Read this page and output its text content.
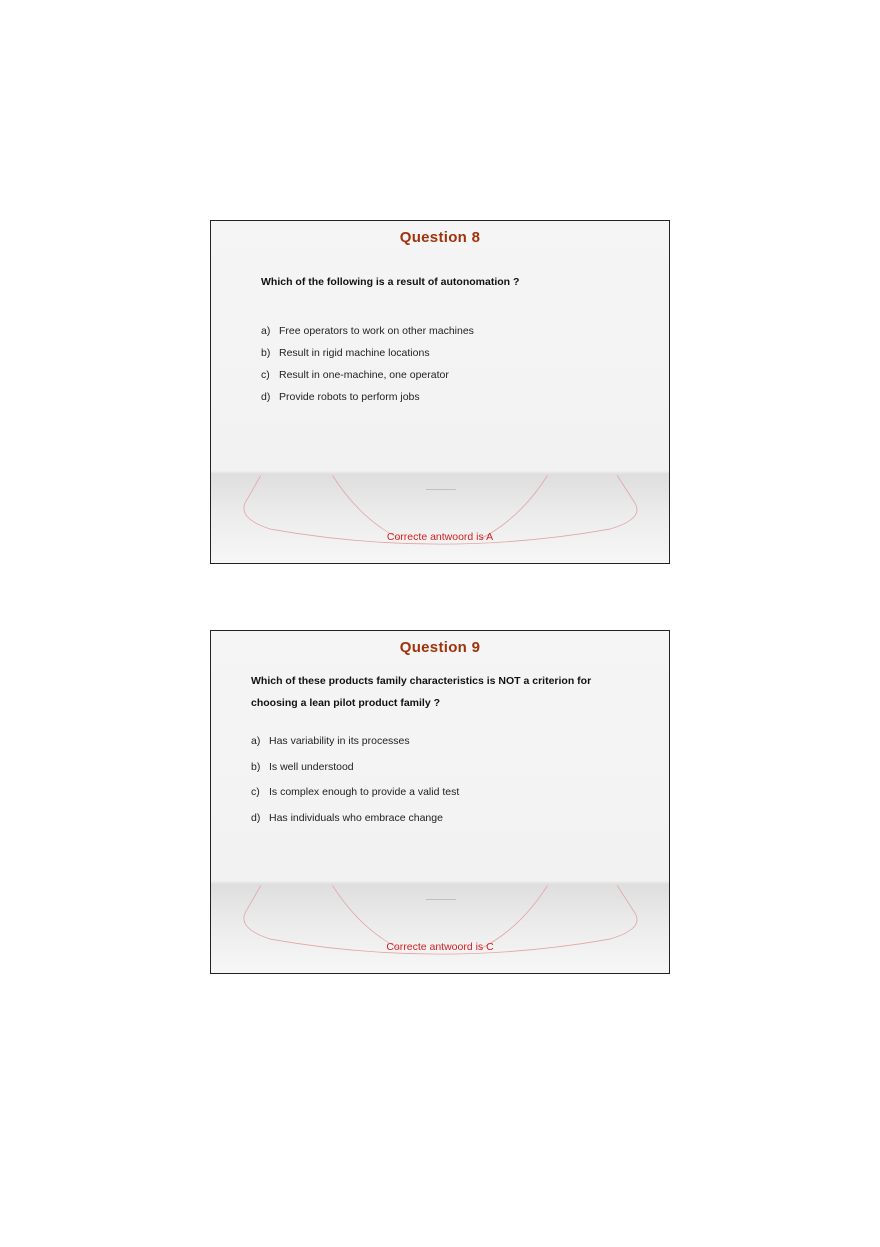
Question 8
Which of the following is a result of autonomation ?
a) Free operators to work on other machines
b) Result in rigid machine locations
c) Result in one-machine, one operator
d) Provide robots to perform jobs
Correcte antwoord is A
Question 9
Which of these products family characteristics is NOT a criterion for
choosing a lean pilot product family ?
a) Has variability in its processes
b) Is well understood
c) Is complex enough to provide a valid test
d) Has individuals who embrace change
Correcte antwoord is C
